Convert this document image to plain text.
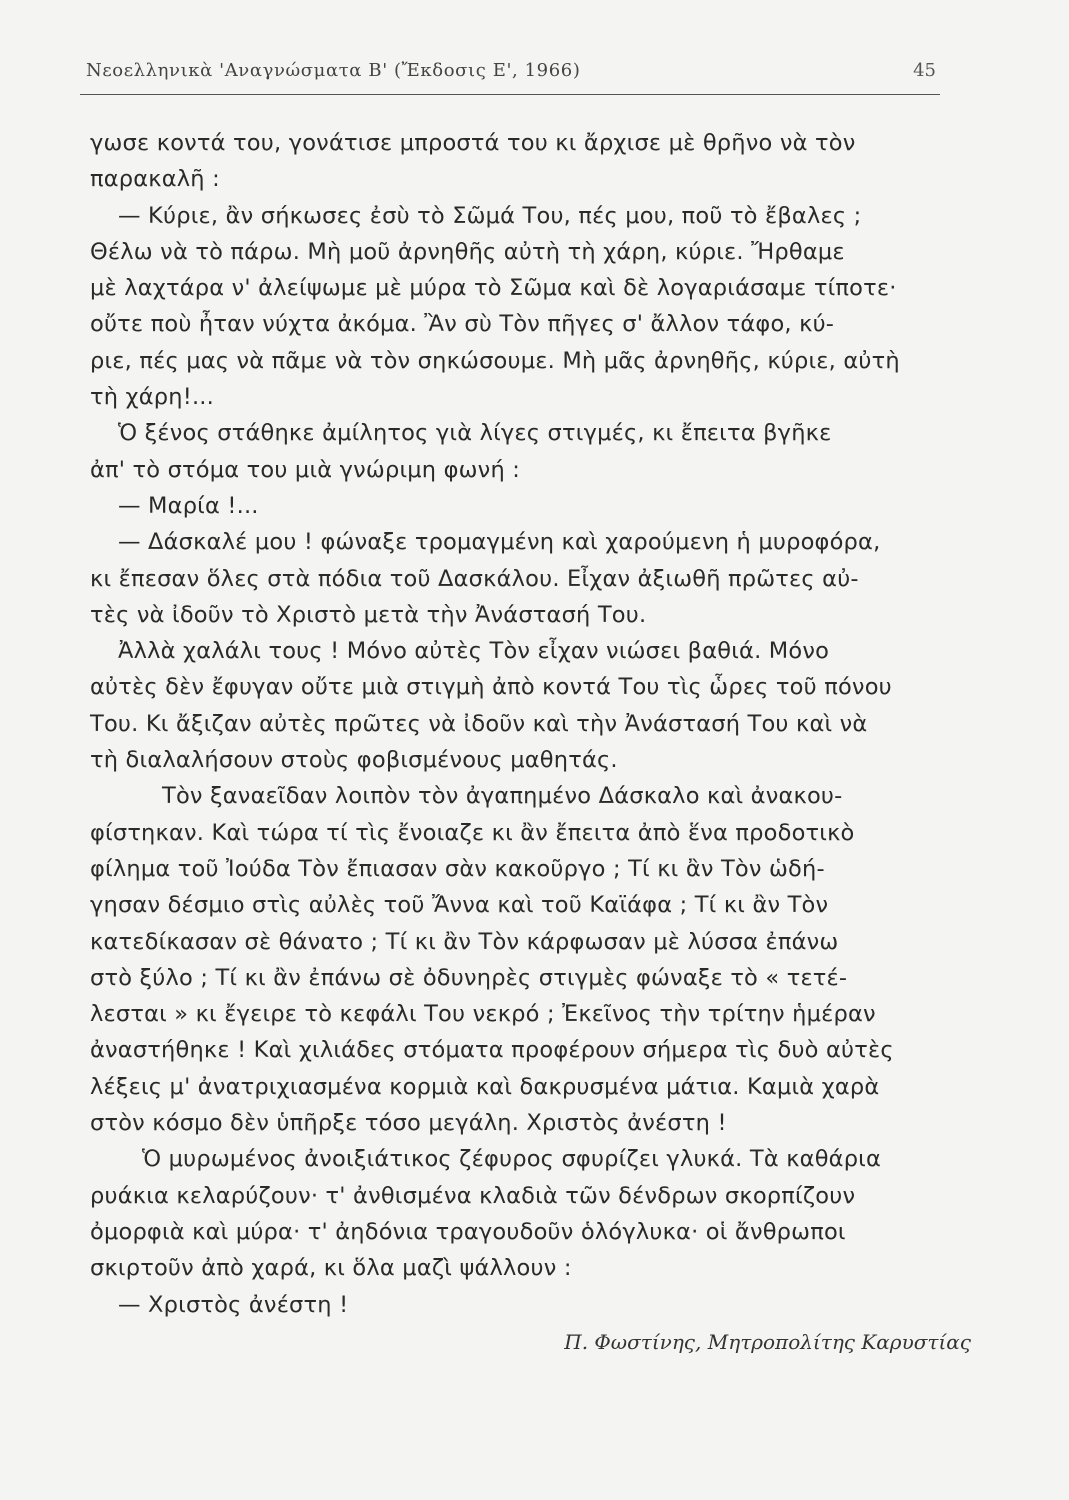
Νεοελληνικὰ 'Αναγνώσματα Β' (Ἔκδοσις Ε', 1966)	45
γωσε κοντά του, γονάτισε μπροστά του κι ἄρχισε μὲ θρῆνο νὰ τὸν
παρακαλῆ :
— Κύριε, ἂν σήκωσες ἐσὺ τὸ Σῶμά Του, πές μου, ποῦ τὸ ἔβαλες ;
Θέλω νὰ τὸ πάρω. Μὴ μοῦ ἀρνηθῆς αὐτὴ τὴ χάρη, κύριε. Ἤρθαμε
μὲ λαχτάρα ν' ἀλείψωμε μὲ μύρα τὸ Σῶμα καὶ δὲ λογαριάσαμε τίποτε·
οὔτε ποὺ ἦταν νύχτα ἀκόμα. Ἂν σὺ Τὸν πῆγες σ' ἄλλον τάφο, κύ-
ριε, πές μας νὰ πᾶμε νὰ τὸν σηκώσουμε. Μὴ μᾶς ἀρνηθῆς, κύριε, αὐτὴ
τὴ χάρη!...
Ὁ ξένος στάθηκε ἀμίλητος γιὰ λίγες στιγμές, κι ἔπειτα βγῆκε
ἀπ' τὸ στόμα του μιὰ γνώριμη φωνή :
— Μαρία !...
— Δάσκαλέ μου ! φώναξε τρομαγμένη καὶ χαρούμενη ἡ μυροφόρα,
κι ἔπεσαν ὅλες στὰ πόδια τοῦ Δασκάλου. Εἶχαν ἀξιωθῆ πρῶτες αὐ-
τὲς νὰ ἰδοῦν τὸ Χριστὸ μετὰ τὴν Ἀνάστασή Του.
Ἀλλὰ χαλάλι τους ! Μόνο αὐτὲς Τὸν εἶχαν νιώσει βαθιά. Μόνο
αὐτὲς δὲν ἔφυγαν οὔτε μιὰ στιγμὴ ἀπὸ κοντά Του τὶς ὧρες τοῦ πόνου
Του. Κι ἄξιζαν αὐτὲς πρῶτες νὰ ἰδοῦν καὶ τὴν Ἀνάστασή Του καὶ νὰ
τὴ διαλαλήσουν στοὺς φοβισμένους μαθητάς.
Τὸν ξαναεῖδαν λοιπὸν τὸν ἀγαπημένο Δάσκαλο καὶ ἀνακου-
φίστηκαν. Καὶ τώρα τί τὶς ἔνοιαζε κι ἂν ἔπειτα ἀπὸ ἕνα προδοτικὸ
φίλημα τοῦ Ἰούδα Τὸν ἔπιασαν σὰν κακοῦργο ; Τί κι ἂν Τὸν ὡδή-
γησαν δέσμιο στὶς αὐλὲς τοῦ Ἄννα καὶ τοῦ Καϊάφα ; Τί κι ἂν Τὸν
κατεδίκασαν σὲ θάνατο ; Τί κι ἂν Τὸν κάρφωσαν μὲ λύσσα ἐπάνω
στὸ ξύλο ; Τί κι ἂν ἐπάνω σὲ ὀδυνηρὲς στιγμὲς φώναξε τὸ « τετέ-
λεσται » κι ἔγειρε τὸ κεφάλι Του νεκρό ; Ἐκεῖνος τὴν τρίτην ἡμέραν
ἀναστήθηκε ! Καὶ χιλιάδες στόματα προφέρουν σήμερα τὶς δυὸ αὐτὲς
λέξεις μ' ἀνατριχιασμένα κορμιὰ καὶ δακρυσμένα μάτια. Καμιὰ χαρὰ
στὸν κόσμο δὲν ὑπῆρξε τόσο μεγάλη. Χριστὸς ἀνέστη !
Ὁ μυρωμένος ἀνοιξιάτικος ζέφυρος σφυρίζει γλυκά. Τὰ καθάρια
ρυάκια κελαρύζουν· τ' ἀνθισμένα κλαδιὰ τῶν δένδρων σκορπίζουν
ὀμορφιὰ καὶ μύρα· τ' ἀηδόνια τραγουδοῦν ὁλόγλυκα· οἱ ἄνθρωποι
σκιρτοῦν ἀπὸ χαρά, κι ὅλα μαζὶ ψάλλουν :
— Χριστὸς ἀνέστη !
Π. Φωστίνης, Μητροπολίτης Καρυστίας
